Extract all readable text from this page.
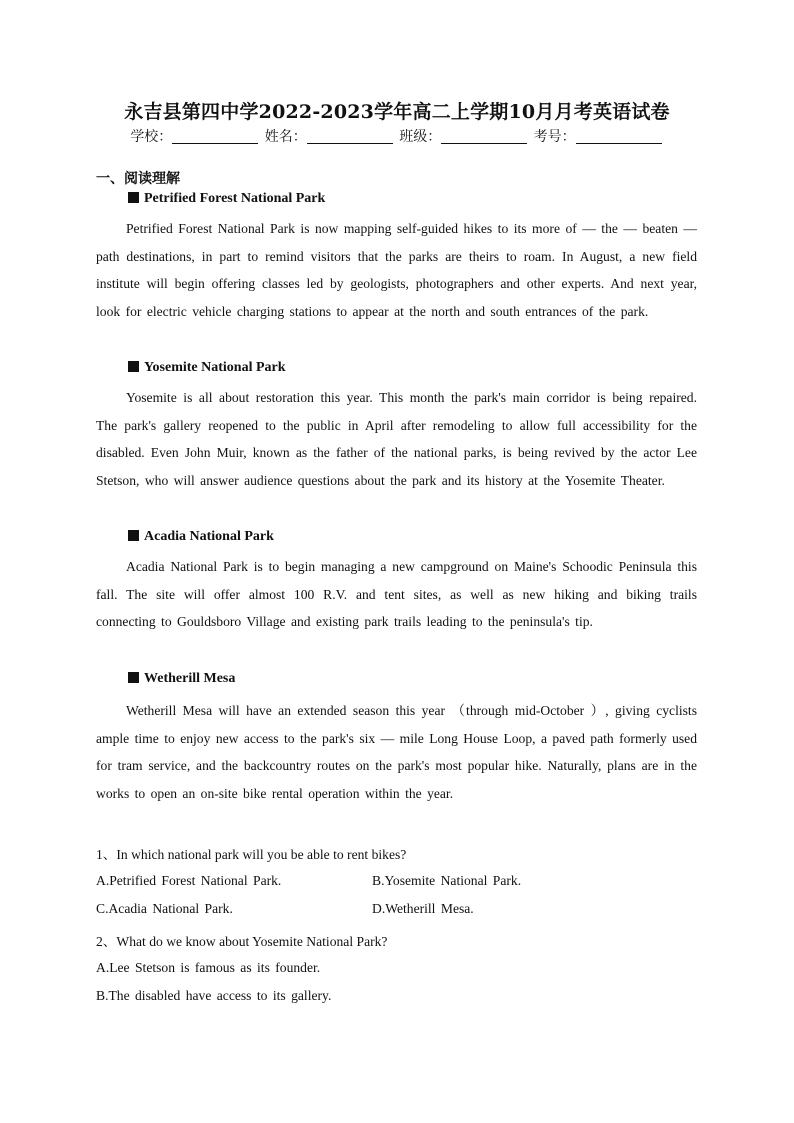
永吉县第四中学2022-2023学年高二上学期10月月考英语试卷
学校：	姓名：	班级：	考号：
一、阅读理解
Petrified Forest National Park
Petrified Forest National Park is now mapping self-guided hikes to its more of — the — beaten — path destinations, in part to remind visitors that the parks are theirs to roam. In August, a new field institute will begin offering classes led by geologists, photographers and other experts. And next year, look for electric vehicle charging stations to appear at the north and south entrances of the park.
Yosemite National Park
Yosemite is all about restoration this year. This month the park's main corridor is being repaired. The park's gallery reopened to the public in April after remodeling to allow full accessibility for the disabled. Even John Muir, known as the father of the national parks, is being revived by the actor Lee Stetson, who will answer audience questions about the park and its history at the Yosemite Theater.
Acadia National Park
Acadia National Park is to begin managing a new campground on Maine's Schoodic Peninsula this fall. The site will offer almost 100 R.V. and tent sites, as well as new hiking and biking trails connecting to Gouldsboro Village and existing park trails leading to the peninsula's tip.
Wetherill Mesa
Wetherill Mesa will have an extended season this year （through mid-October ）, giving cyclists ample time to enjoy new access to the park's six — mile Long House Loop, a paved path formerly used for tram service, and the backcountry routes on the park's most popular hike. Naturally, plans are in the works to open an on-site bike rental operation within the year.
1、In which national park will you be able to rent bikes?
A.Petrified Forest National Park.	B.Yosemite National Park.
C.Acadia National Park.	D.Wetherill Mesa.
2、What do we know about Yosemite National Park?
A.Lee Stetson is famous as its founder.
B.The disabled have access to its gallery.
